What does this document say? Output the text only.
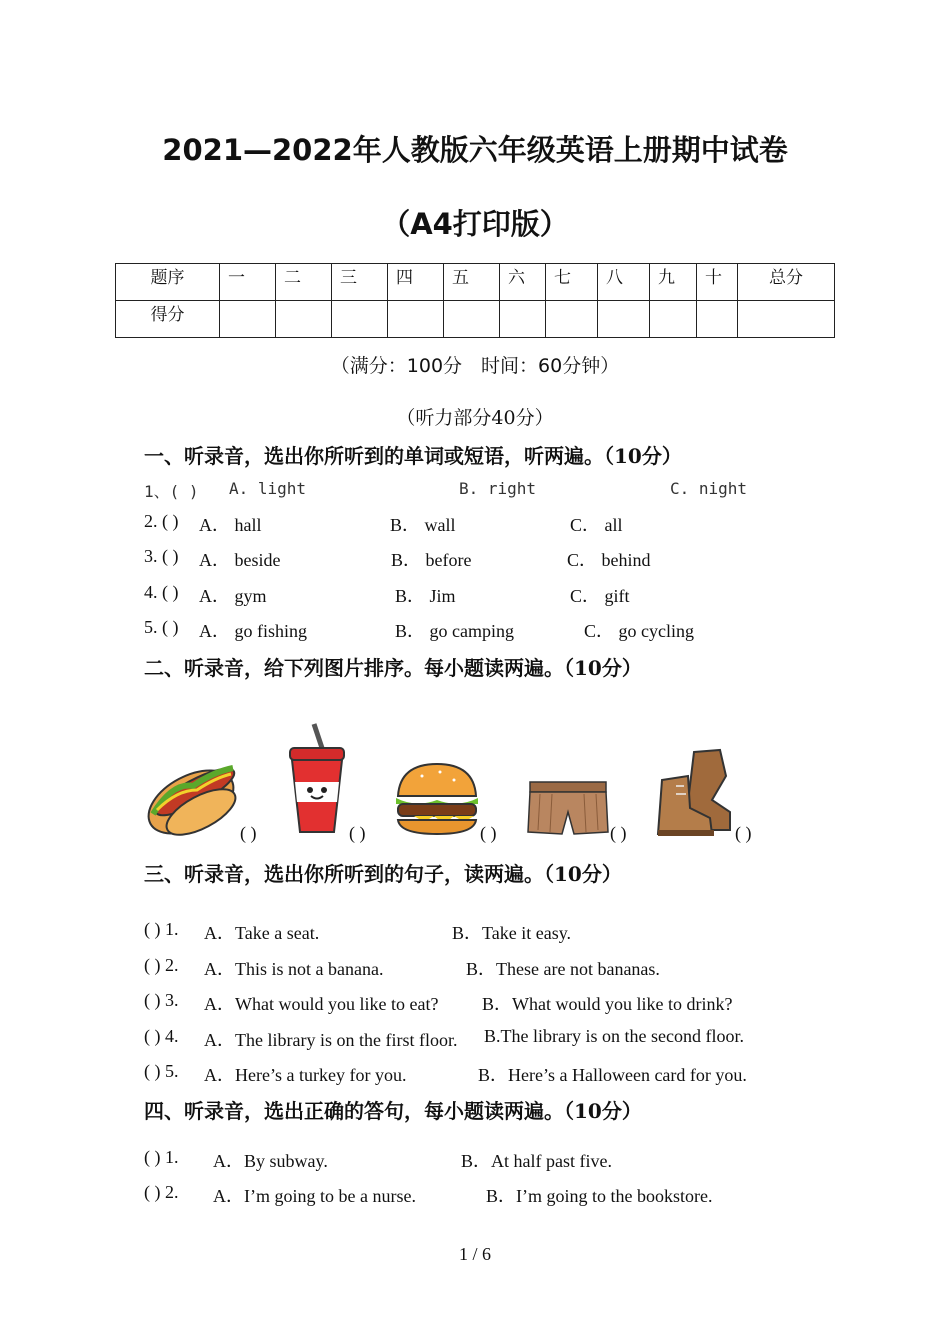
2021—2022年人教版六年级英语上册期中试卷
（A4打印版）
题序	一	二	三	四	五	六	七	八	九	十	总分
得分											
（满分：100分　时间：60分钟）
（听力部分40分）
一、听录音，选出你所听到的单词或短语，听两遍。（10分）
1、( ) A. light	B. right	C. night
2. ( ) A． hall	B． wall	C． all
3. ( ) A． beside	B． before	C． behind
4. ( ) A． gym	B． Jim	C． gift
5. ( ) A． go fishing	B． go camping	C． go cycling
二、听录音，给下列图片排序。每小题读两遍。（10分）
( )	( )	( )	( )	( )
三、听录音，选出你所听到的句子，读两遍。（10分）
( ) 1. A．Take a seat.	B．Take it easy.
( ) 2. A．This is not a banana.	B．These are not bananas.
( ) 3. A．What would you like to eat? B．What would you like to drink?
( ) 4. A．The library is on the first floor. B.The library is on the second floor.
( ) 5. A．Here’s a turkey for you.	B．Here’s a Halloween card for you.
四、听录音，选出正确的答句，每小题读两遍。（10分）
( ) 1. A．By subway.	B．At half past five.
( ) 2. A．I’m going to be a nurse.	B．I’m going to the bookstore.
1 / 6
